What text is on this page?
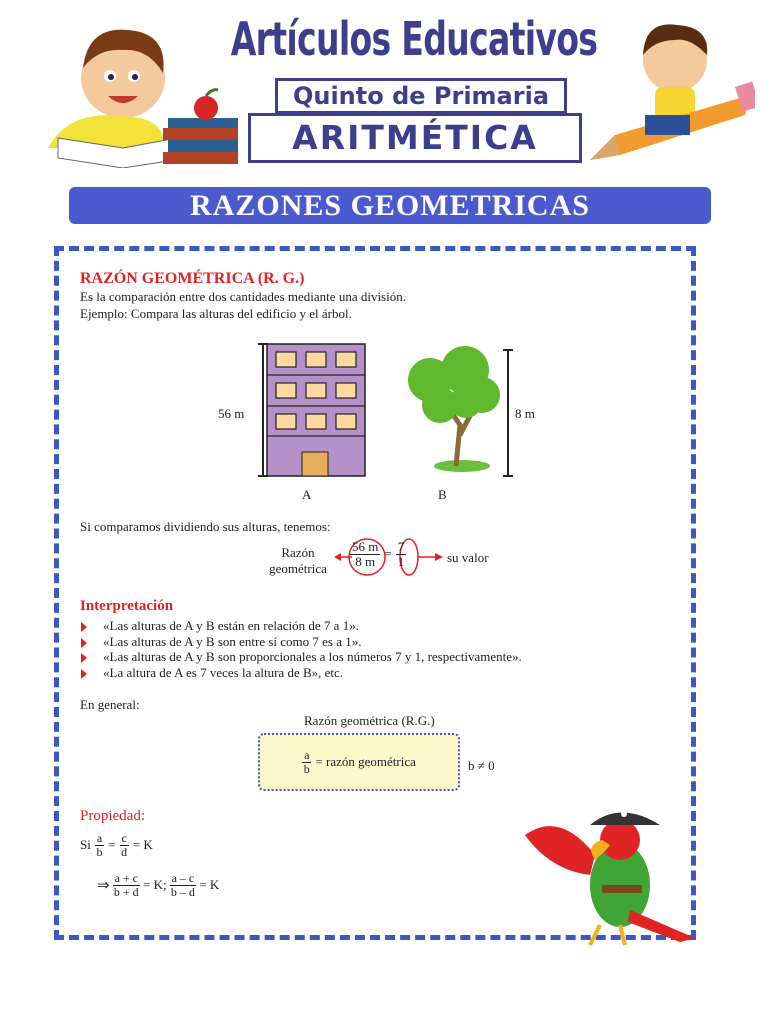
Artículos Educativos
Quinto de Primaria
ARITMÉTICA
RAZONES GEOMETRICAS
RAZÓN GEOMÉTRICA (R. G.)
Es la comparación entre dos cantidades mediante una división.
Ejemplo: Compara las alturas del edificio y el árbol.
56 m	8 m
A	B
Si comparamos dividiendo sus alturas, tenemos:
Razón
geométrica
$\frac{56 m}{8 m} = \frac{7}{1}$	su valor
Interpretación
«Las alturas de A y B están en relación de 7 a 1».
«Las alturas de A y B son entre sí como 7 es a 1».
«Las alturas de A y B son proporcionales a los números 7 y 1, respectivamente».
«La altura de A es 7 veces la altura de B», etc.
En general:
Razón geométrica (R.G.)
$\frac{a}{b}$ = razón geométrica	b ≠ 0
Propiedad:
Si $\frac{a}{b} = \frac{c}{d} = K$
⇒ $\frac{a + c}{b + d} = K$; $\frac{a - c}{b - d} = K$
